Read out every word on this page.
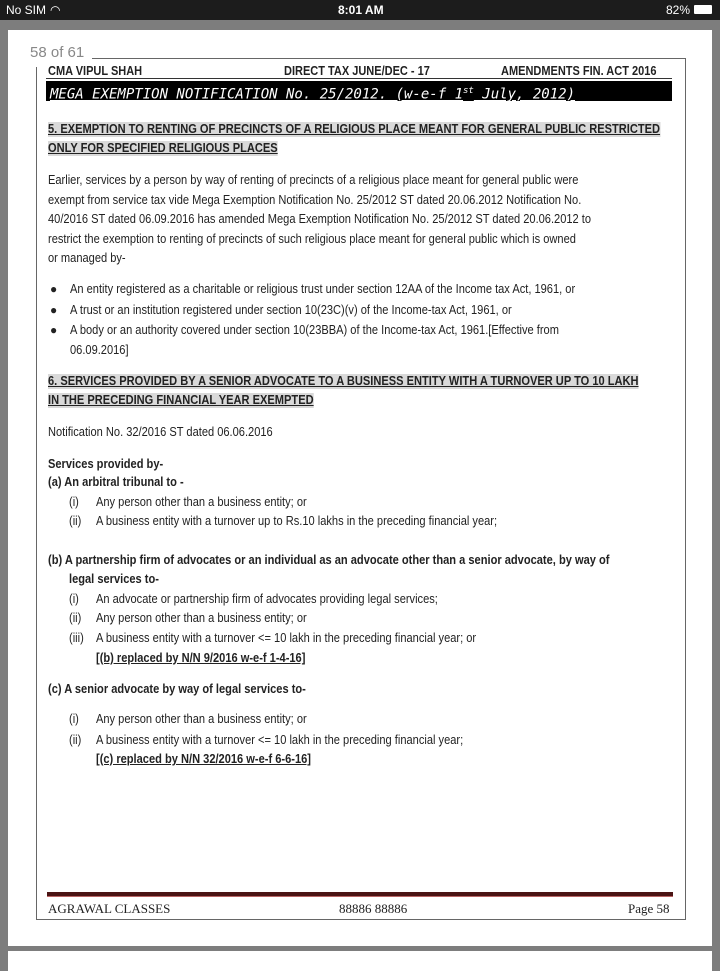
No SIM ◠	8:01 AM	82%
58 of 61
CMA VIPUL SHAH	DIRECT TAX JUNE/DEC - 17	AMENDMENTS FIN. ACT 2016
MEGA EXEMPTION NOTIFICATION No. 25/2012. (w-e-f 1st July, 2012)
5. EXEMPTION TO RENTING OF PRECINCTS OF A RELIGIOUS PLACE MEANT FOR GENERAL PUBLIC RESTRICTED
ONLY FOR SPECIFIED RELIGIOUS PLACES
Earlier, services by a person by way of renting of precincts of a religious place meant for general public were
exempt from service tax vide Mega Exemption Notification No. 25/2012 ST dated 20.06.2012 Notification No.
40/2016 ST dated 06.09.2016 has amended Mega Exemption Notification No. 25/2012 ST dated 20.06.2012 to
restrict the exemption to renting of precincts of such religious place meant for general public which is owned
or managed by-
● An entity registered as a charitable or religious trust under section 12AA of the Income tax Act, 1961, or
● A trust or an institution registered under section 10(23C)(v) of the Income-tax Act, 1961, or
● A body or an authority covered under section 10(23BBA) of the Income-tax Act, 1961.[Effective from
06.09.2016]
6. SERVICES PROVIDED BY A SENIOR ADVOCATE TO A BUSINESS ENTITY WITH A TURNOVER UP TO 10 LAKH
IN THE PRECEDING FINANCIAL YEAR EXEMPTED
Notification No. 32/2016 ST dated 06.06.2016
Services provided by-
(a) An arbitral tribunal to -
(i) Any person other than a business entity; or
(ii) A business entity with a turnover up to Rs.10 lakhs in the preceding financial year;
(b) A partnership firm of advocates or an individual as an advocate other than a senior advocate, by way of
legal services to-
(i) An advocate or partnership firm of advocates providing legal services;
(ii) Any person other than a business entity; or
(iii) A business entity with a turnover <= 10 lakh in the preceding financial year; or
[(b) replaced by N/N 9/2016 w-e-f 1-4-16]
(c) A senior advocate by way of legal services to-
(i) Any person other than a business entity; or
(ii) A business entity with a turnover <= 10 lakh in the preceding financial year;
[(c) replaced by N/N 32/2016 w-e-f 6-6-16]
AGRAWAL CLASSES	88886 88886	Page 58
